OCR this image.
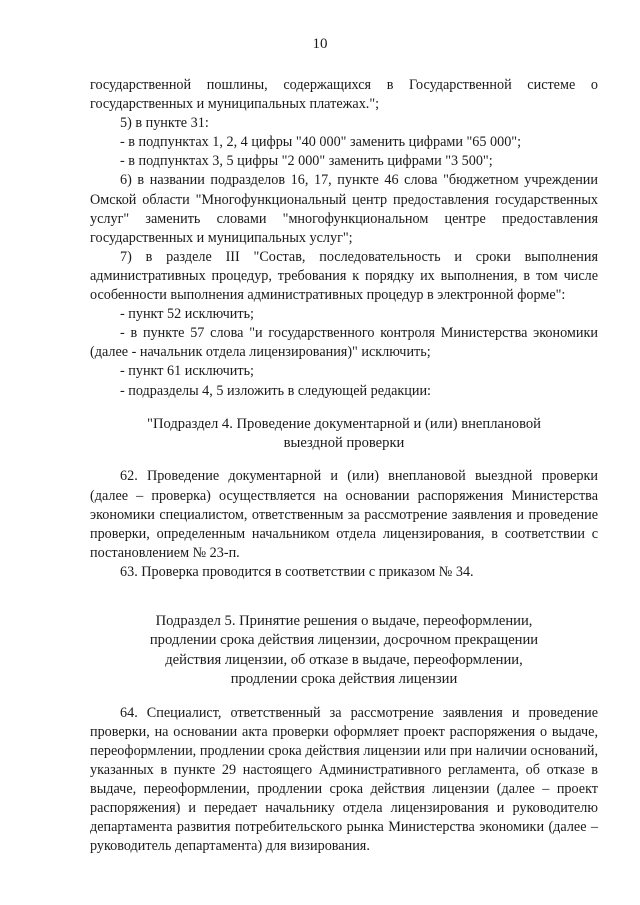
10

государственной пошлины, содержащихся в Государственной системе о

государственных и муниципальных платежах.";

5) в пункте 31:

- в подпунктах 1, 2, 4 цифры "40 000" заменить цифрами "65 000";

- в подпунктах 3, 5 цифры "2 000" заменить цифрами "3 500";

6) в названии подразделов 16, 17, пункте 46 слова "бюджетном учреждении Омской области "Многофункциональный центр предоставления государственных услуг" заменить словами "многофункциональном центре предоставления государственных и муниципальных услуг";

7) в разделе III "Состав, последовательность и сроки выполнения административных процедур, требования к порядку их выполнения, в том числе особенности выполнения административных процедур в электронной форме":

- пункт 52 исключить;

- в пункте 57 слова "и государственного контроля Министерства экономики (далее - начальник отдела лицензирования)" исключить;

- пункт 61 исключить;

- подразделы 4, 5 изложить в следующей редакции:

"Подраздел 4. Проведение документарной и (или) внеплановой

выездной проверки

62. Проведение документарной и (или) внеплановой выездной проверки (далее – проверка) осуществляется на основании распоряжения Министерства экономики специалистом, ответственным за рассмотрение заявления и проведение проверки, определенным начальником отдела лицензирования, в соответствии с постановлением № 23-п.

63. Проверка проводится в соответствии с приказом № 34.

Подраздел 5. Принятие решения о выдаче, переоформлении,

продлении срока действия лицензии, досрочном прекращении

действия лицензии, об отказе в выдаче, переоформлении,

продлении срока действия лицензии

64. Специалист, ответственный за рассмотрение заявления и проведение проверки, на основании акта проверки оформляет проект распоряжения о выдаче, переоформлении, продлении срока действия лицензии или при наличии оснований, указанных в пункте 29 настоящего Административного регламента, об отказе в выдаче, переоформлении, продлении срока действия лицензии (далее – проект распоряжения) и передает начальнику отдела лицензирования и руководителю департамента развития потребительского рынка Министерства экономики (далее – руководитель департамента) для визирования.
